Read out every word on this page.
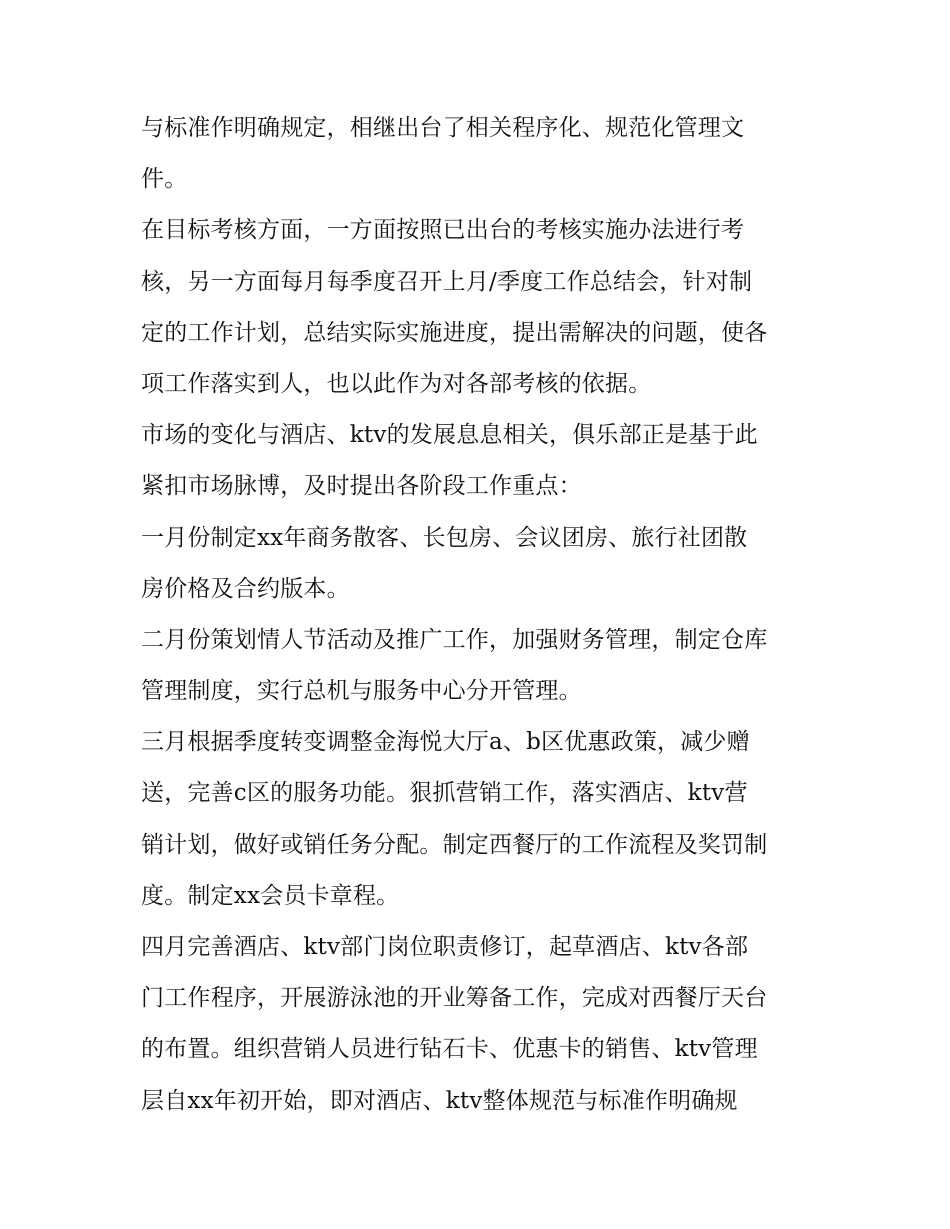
与标准作明确规定，相继出台了相关程序化、规范化管理文
件。
在目标考核方面，一方面按照已出台的考核实施办法进行考
核，另一方面每月每季度召开上月/季度工作总结会，针对制
定的工作计划，总结实际实施进度，提出需解决的问题，使各
项工作落实到人，也以此作为对各部考核的依据。
市场的变化与酒店、ktv的发展息息相关，俱乐部正是基于此
紧扣市场脉博，及时提出各阶段工作重点：
一月份制定xx年商务散客、长包房、会议团房、旅行社团散
房价格及合约版本。
二月份策划情人节活动及推广工作，加强财务管理，制定仓库
管理制度，实行总机与服务中心分开管理。
三月根据季度转变调整金海悦大厅a、b区优惠政策，减少赠
送，完善c区的服务功能。狠抓营销工作，落实酒店、ktv营
销计划，做好或销任务分配。制定西餐厅的工作流程及奖罚制
度。制定xx会员卡章程。
四月完善酒店、ktv部门岗位职责修订，起草酒店、ktv各部
门工作程序，开展游泳池的开业筹备工作，完成对西餐厅天台
的布置。组织营销人员进行钻石卡、优惠卡的销售、ktv管理
层自xx年初开始，即对酒店、ktv整体规范与标准作明确规
